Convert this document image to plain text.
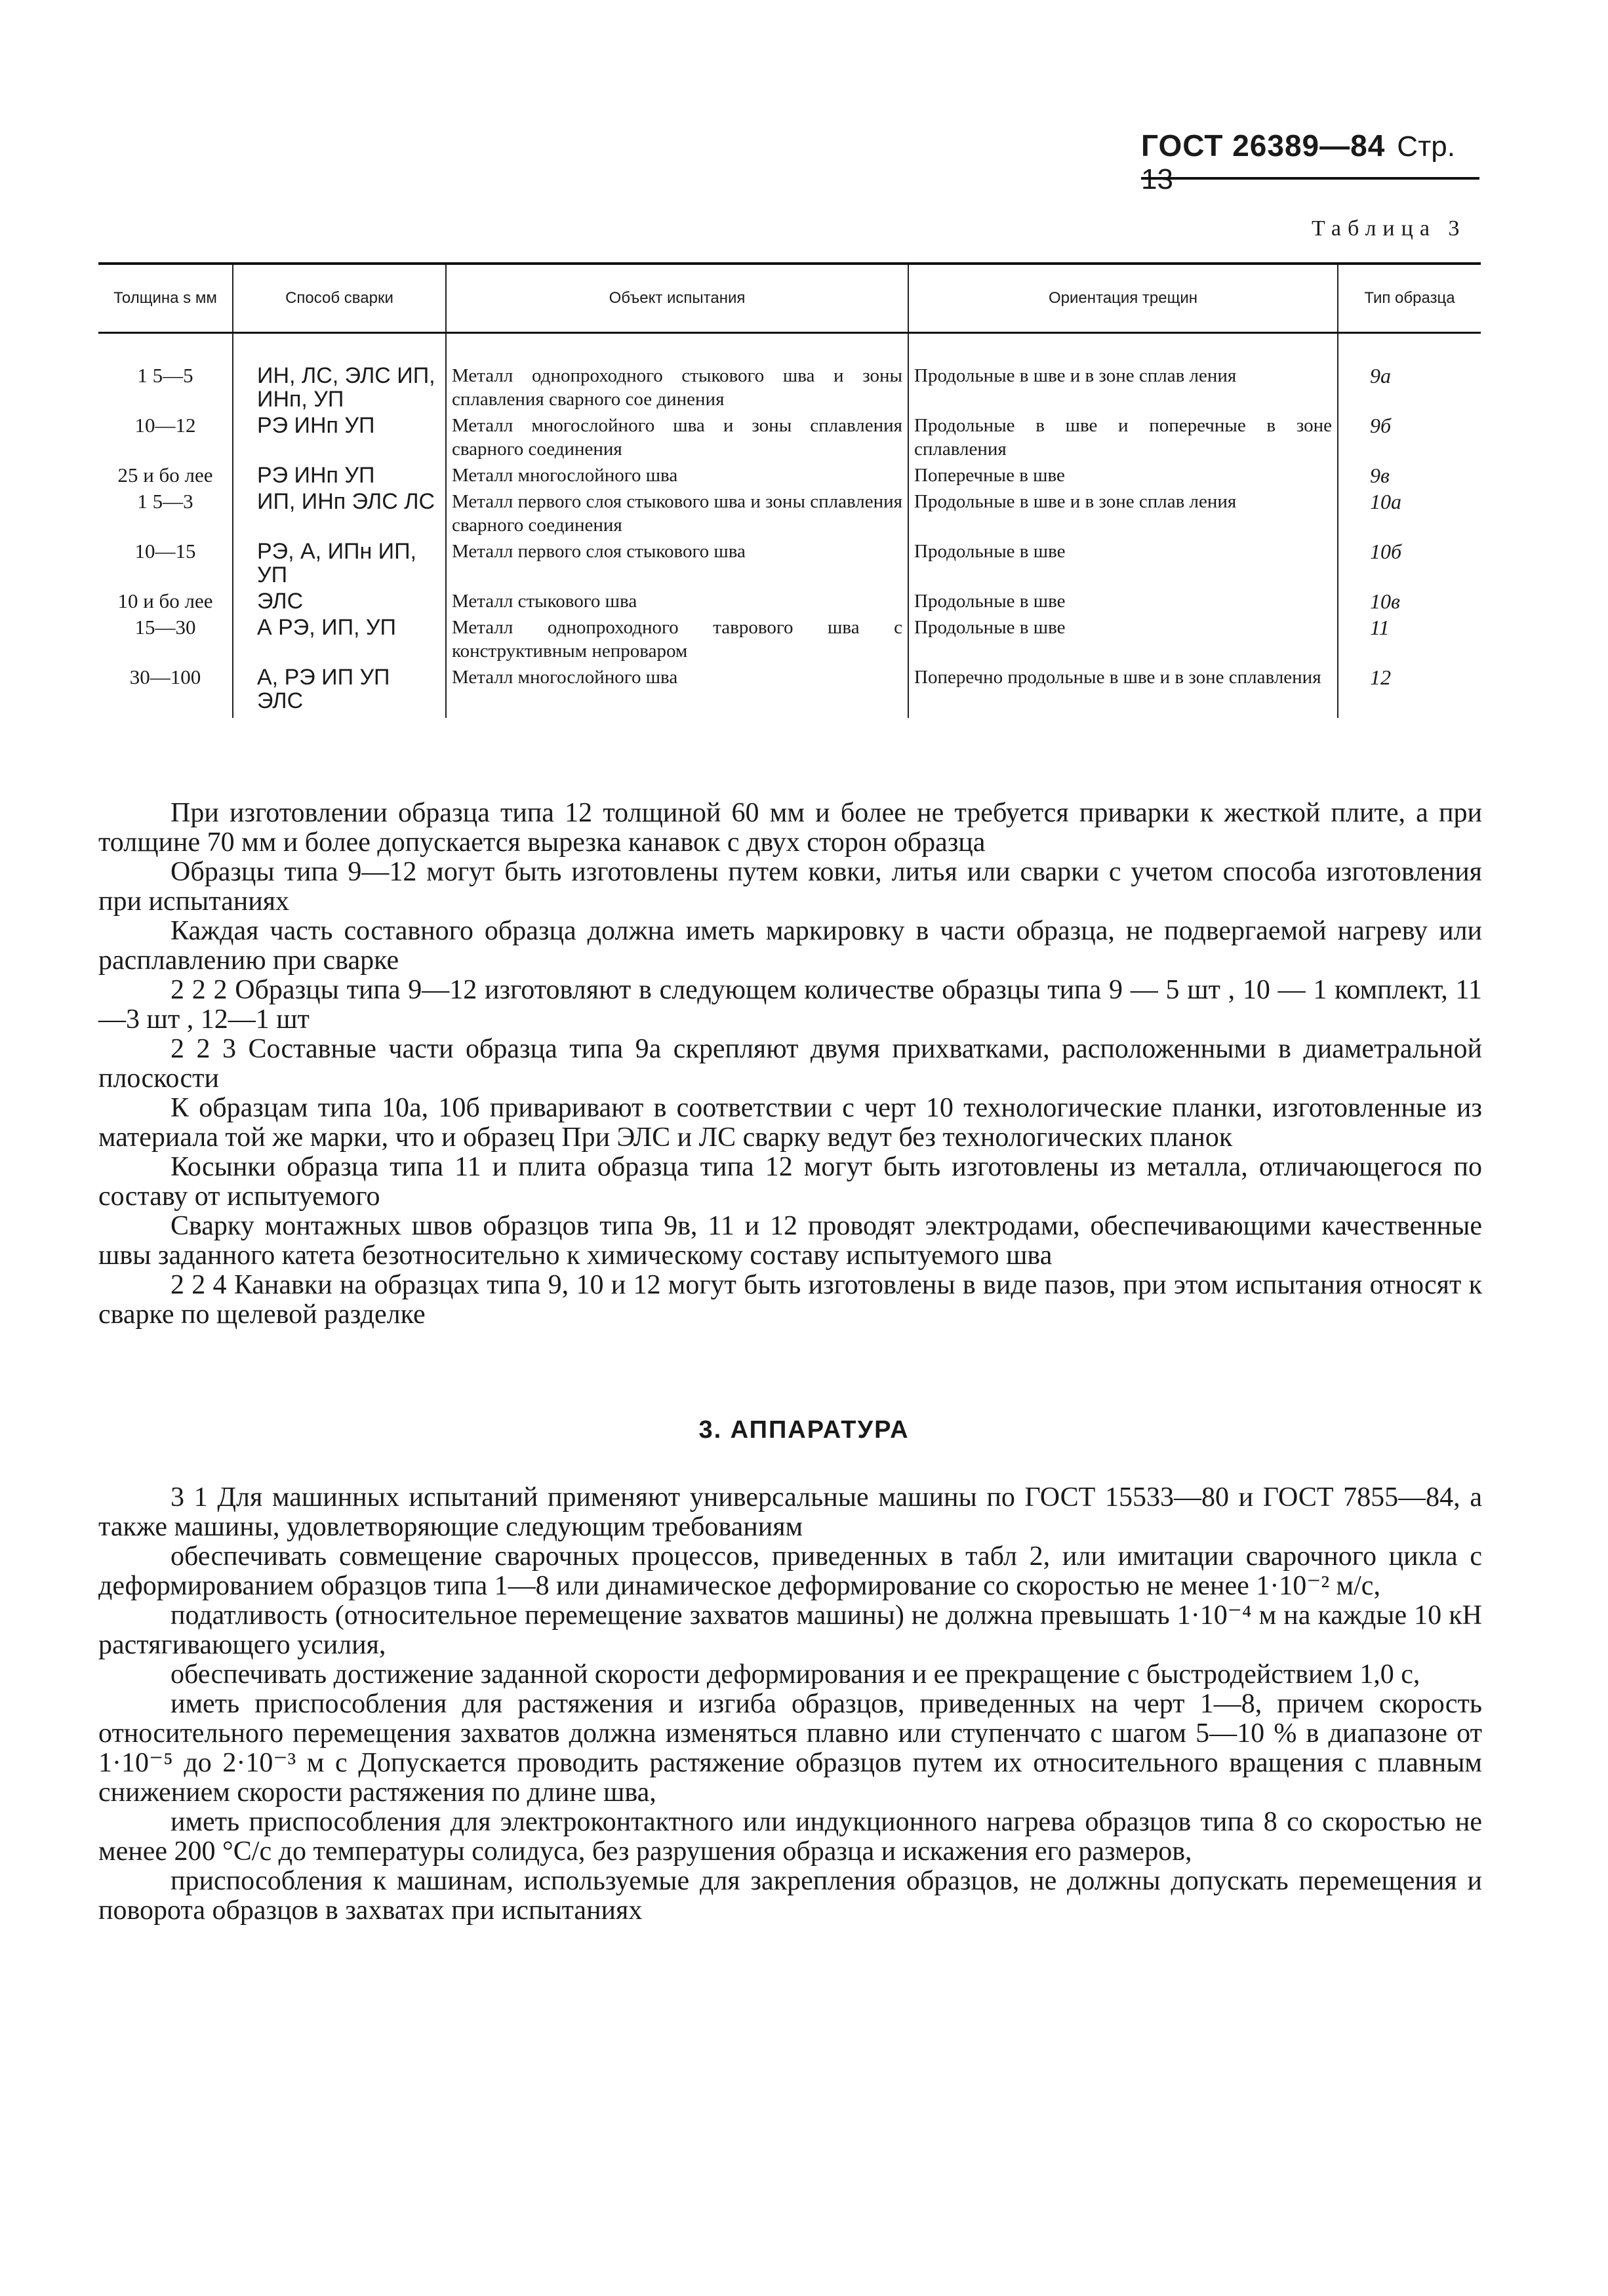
ГОСТ 26389—84 Стр. 13
Таблица 3
Толщина s мм	Способ сварки	Объект испытания	Ориентация трещин	Тип образца
1 5—5	ИН, ЛС, ЭЛС ИП, ИНп, УП	Металл однопроходного стыкового шва и зоны сплавления сварного сое динения	Продольные в шве и в зоне сплав ления	9а
10—12	РЭ ИНп УП	Металл многослойного шва и зоны сплавления сварного соединения	Продольные в шве и поперечные в зоне сплавления	9б
25 и бо лее	РЭ ИНп УП	Металл многослойного шва	Поперечные в шве	9в
1 5—3	ИП, ИНп ЭЛС ЛС	Металл первого слоя стыкового шва и зоны сплавления сварного соединения	Продольные в шве и в зоне сплав ления	10а
10—15	РЭ, А, ИПн ИП, УП	Металл первого слоя стыкового шва	Продольные в шве	10б
10 и бо лее	ЭЛС	Металл стыкового шва	Продольные в шве	10в
15—30	А РЭ, ИП, УП	Металл однопроходного таврового шва с конструктивным непроваром	Продольные в шве	11
30—100	А, РЭ ИП УП ЭЛС	Металл многослойного шва	Поперечно продольные в шве и в зоне сплавления	12

При изготовлении образца типа 12 толщиной 60 мм и более не требуется приварки к жесткой плите, а при толщине 70 мм и более допускается вырезка канавок с двух сторон образца

Образцы типа 9—12 могут быть изготовлены путем ковки, литья или сварки с учетом способа изготовления при испытаниях

Каждая часть составного образца должна иметь маркировку в части образца, не подвергаемой нагреву или расплавлению при сварке

2 2 2 Образцы типа 9—12 изготовляют в следующем количестве образцы типа 9 — 5 шт , 10 — 1 комплект, 11—3 шт , 12—1 шт

2 2 3 Составные части образца типа 9а скрепляют двумя прихватками, расположенными в диаметральной плоскости

К образцам типа 10а, 10б приваривают в соответствии с черт 10 технологические планки, изготовленные из материала той же марки, что и образец При ЭЛС и ЛС сварку ведут без технологических планок

Косынки образца типа 11 и плита образца типа 12 могут быть изготовлены из металла, отличающегося по составу от испытуемого

Сварку монтажных швов образцов типа 9в, 11 и 12 проводят электродами, обеспечивающими качественные швы заданного катета безотносительно к химическому составу испытуемого шва

2 2 4 Канавки на образцах типа 9, 10 и 12 могут быть изготовлены в виде пазов, при этом испытания относят к сварке по щелевой разделке

3. АППАРАТУРА

3 1 Для машинных испытаний применяют универсальные машины по ГОСТ 15533—80 и ГОСТ 7855—84, а также машины, удовлетворяющие следующим требованиям

обеспечивать совмещение сварочных процессов, приведенных в табл 2, или имитации сварочного цикла с деформированием образцов типа 1—8 или динамическое деформирование со скоростью не менее 1·10⁻² м/с,

податливость (относительное перемещение захватов машины) не должна превышать 1·10⁻⁴ м на каждые 10 кН растягивающего усилия,

обеспечивать достижение заданной скорости деформирования и ее прекращение с быстродействием 1,0 с,

иметь приспособления для растяжения и изгиба образцов, приведенных на черт 1—8, причем скорость относительного перемещения захватов должна изменяться плавно или ступенчато с шагом 5—10 % в диапазоне от 1·10⁻⁵ до 2·10⁻³ м с Допускается проводить растяжение образцов путем их относительного вращения с плавным снижением скорости растяжения по длине шва,

иметь приспособления для электроконтактного или индукционного нагрева образцов типа 8 со скоростью не менее 200 °С/с до температуры солидуса, без разрушения образца и искажения его размеров,

приспособления к машинам, используемые для закрепления образцов, не должны допускать перемещения и поворота образцов в захватах при испытаниях
